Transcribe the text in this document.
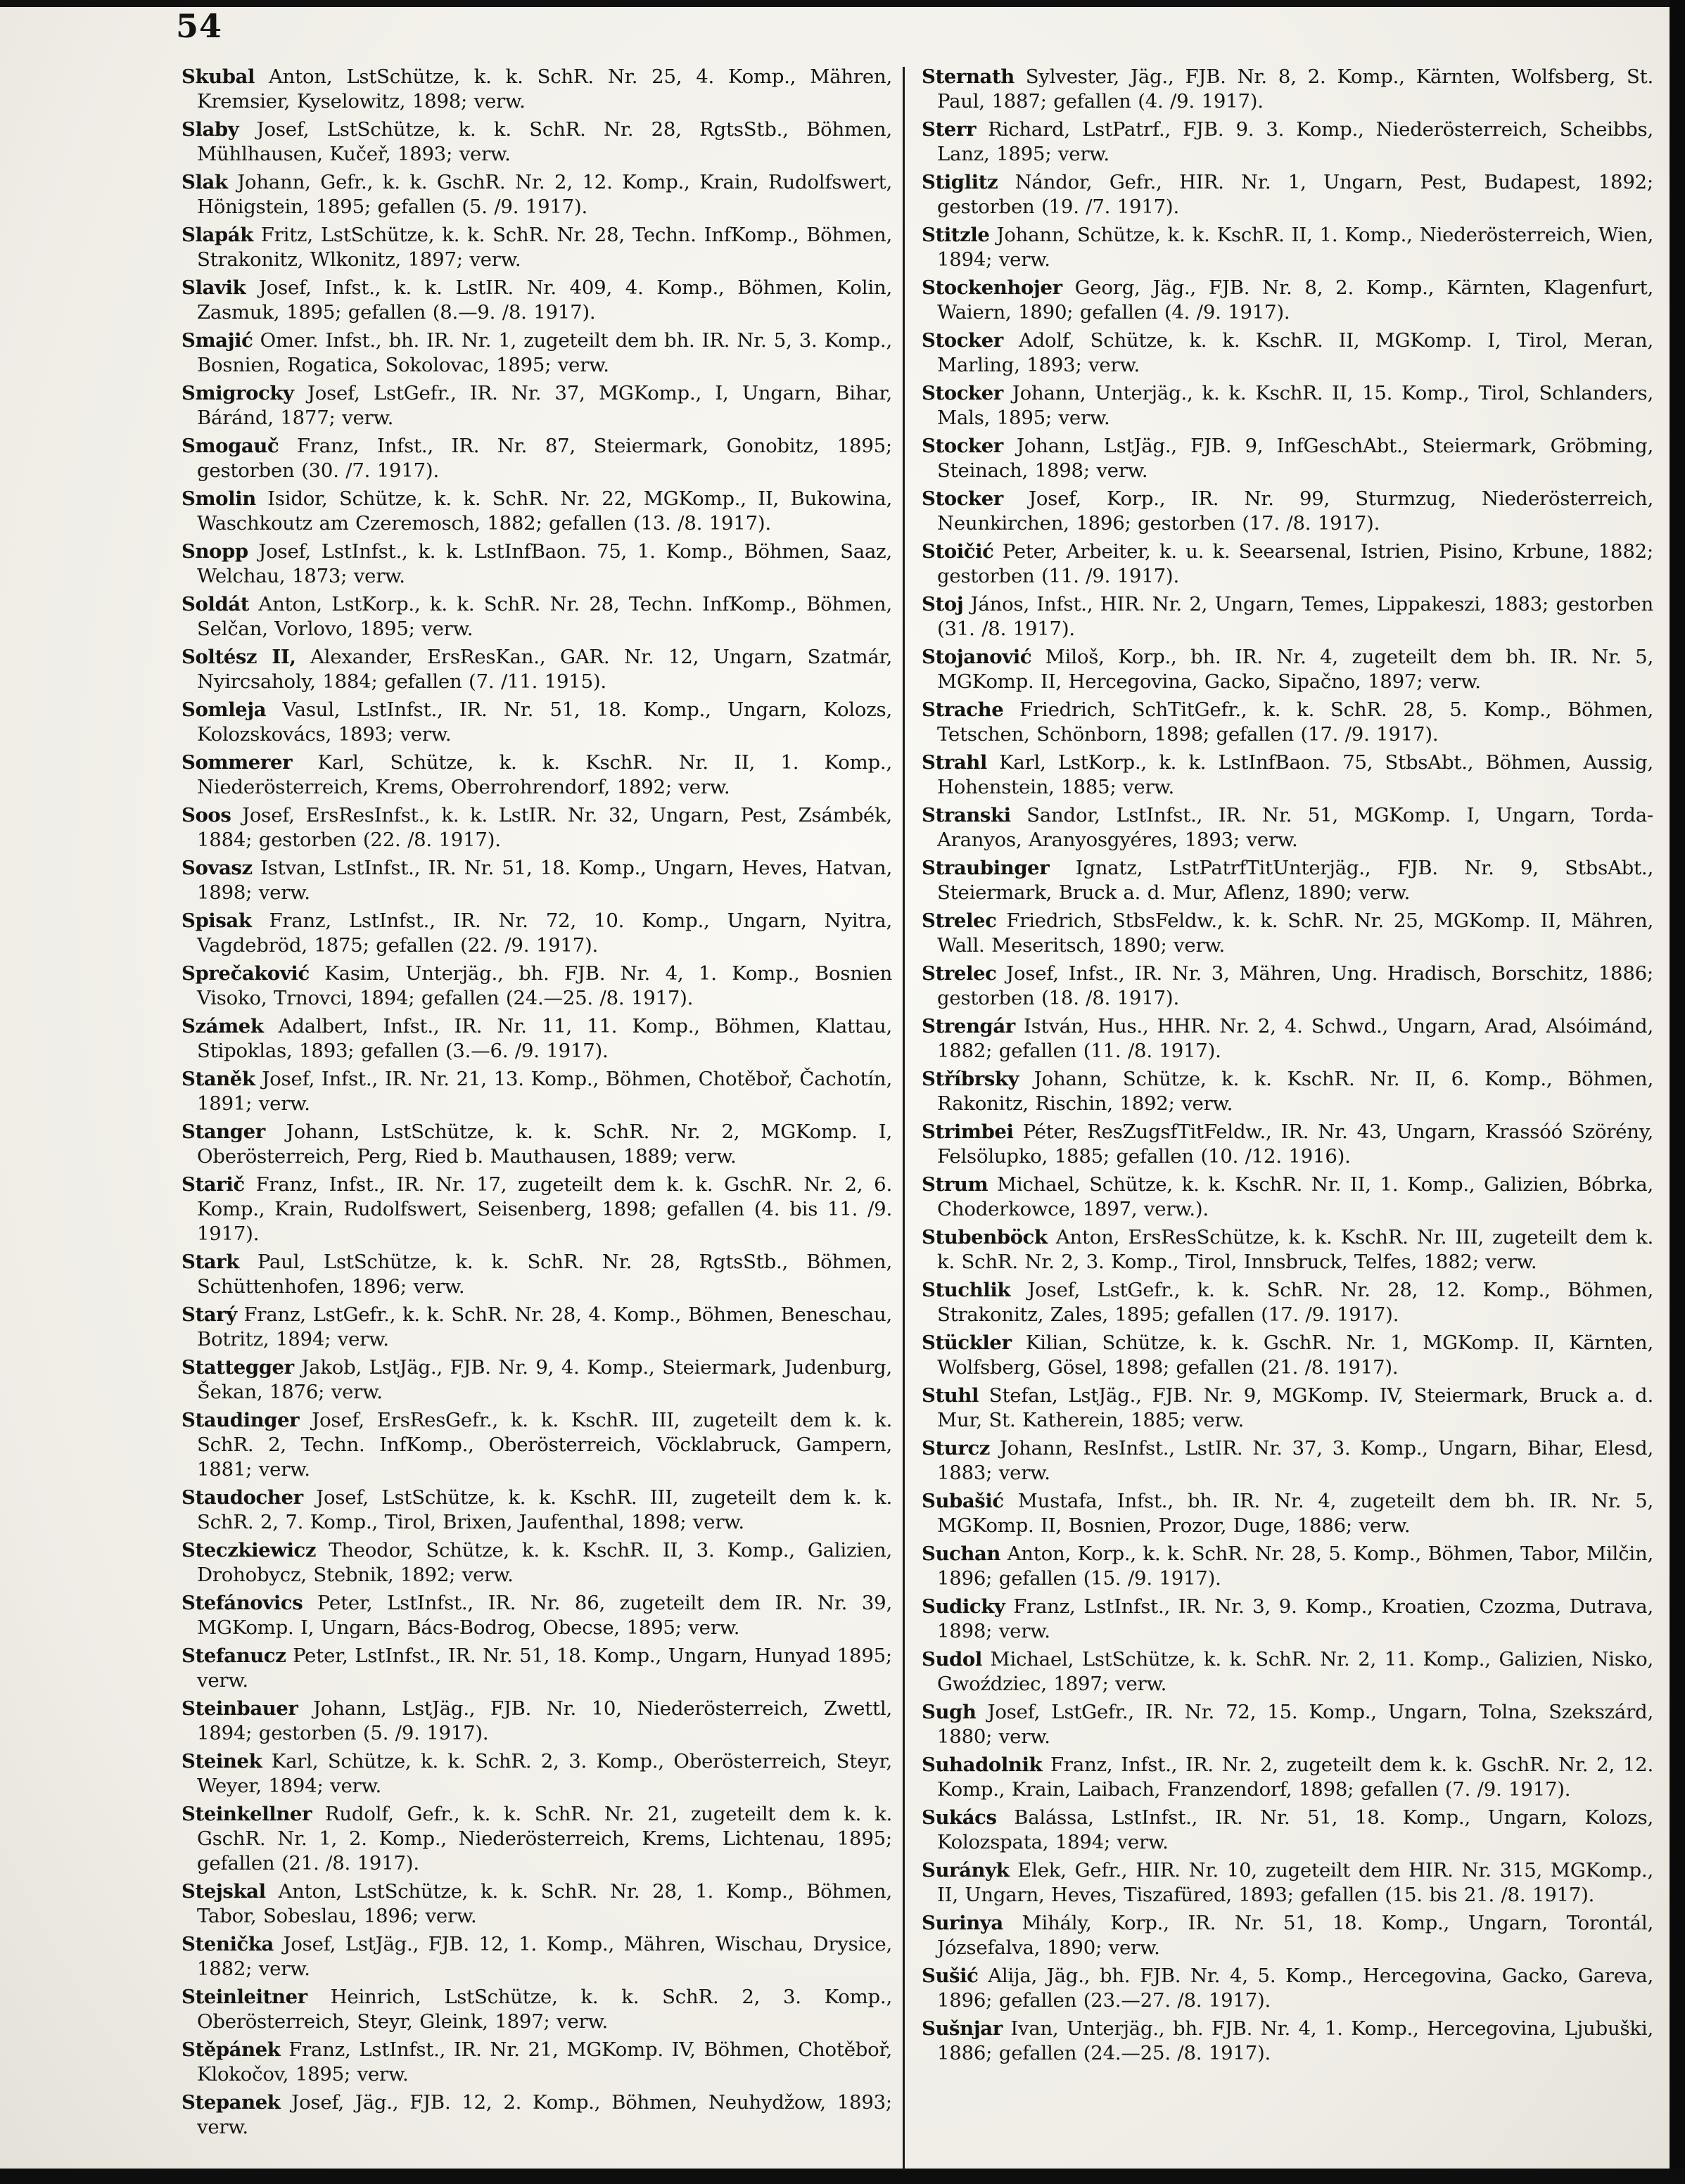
54
Skubal Anton, LstSchütze, k. k. SchR. Nr. 25, 4. Komp., Mähren, Kremsier, Kyselowitz, 1898; verw.
Slaby Josef, LstSchütze, k. k. SchR. Nr. 28, RgtsStb., Böhmen, Mühlhausen, Kučeř, 1893; verw.
Slak Johann, Gefr., k. k. GschR. Nr. 2, 12. Komp., Krain, Rudolfswert, Hönigstein, 1895; gefallen (5. /9. 1917).
Slapák Fritz, LstSchütze, k. k. SchR. Nr. 28, Techn. InfKomp., Böhmen, Strakonitz, Wlkonitz, 1897; verw.
Slavik Josef, Infst., k. k. LstIR. Nr. 409, 4. Komp., Böhmen, Kolin, Zasmuk, 1895; gefallen (8.—9. /8. 1917).
Smajić Omer. Infst., bh. IR. Nr. 1, zugeteilt dem bh. IR. Nr. 5, 3. Komp., Bosnien, Rogatica, Sokolovac, 1895; verw.
Smigrocky Josef, LstGefr., IR. Nr. 37, MGKomp., I, Ungarn, Bihar, Báránd, 1877; verw.
Smogauč Franz, Infst., IR. Nr. 87, Steiermark, Gonobitz, 1895; gestorben (30. /7. 1917).
Smolin Isidor, Schütze, k. k. SchR. Nr. 22, MGKomp., II, Bukowina, Waschkoutz am Czeremosch, 1882; gefallen (13. /8. 1917).
Snopp Josef, LstInfst., k. k. LstInfBaon. 75, 1. Komp., Böhmen, Saaz, Welchau, 1873; verw.
Soldát Anton, LstKorp., k. k. SchR. Nr. 28, Techn. InfKomp., Böhmen, Selčan, Vorlovo, 1895; verw.
Soltész II, Alexander, ErsResKan., GAR. Nr. 12, Ungarn, Szatmár, Nyircsaholy, 1884; gefallen (7. /11. 1915).
Somleja Vasul, LstInfst., IR. Nr. 51, 18. Komp., Ungarn, Kolozs, Kolozskovács, 1893; verw.
Sommerer Karl, Schütze, k. k. KschR. Nr. II, 1. Komp., Niederösterreich, Krems, Oberrohrendorf, 1892; verw.
Soos Josef, ErsResInfst., k. k. LstIR. Nr. 32, Ungarn, Pest, Zsámbék, 1884; gestorben (22. /8. 1917).
Sovasz Istvan, LstInfst., IR. Nr. 51, 18. Komp., Ungarn, Heves, Hatvan, 1898; verw.
Spisak Franz, LstInfst., IR. Nr. 72, 10. Komp., Ungarn, Nyitra, Vagdebröd, 1875; gefallen (22. /9. 1917).
Sprečaković Kasim, Unterjäg., bh. FJB. Nr. 4, 1. Komp., Bosnien Visoko, Trnovci, 1894; gefallen (24.—25. /8. 1917).
Számek Adalbert, Infst., IR. Nr. 11, 11. Komp., Böhmen, Klattau, Stipoklas, 1893; gefallen (3.—6. /9. 1917).
Staněk Josef, Infst., IR. Nr. 21, 13. Komp., Böhmen, Chotěboř, Čachotín, 1891; verw.
Stanger Johann, LstSchütze, k. k. SchR. Nr. 2, MGKomp. I, Oberösterreich, Perg, Ried b. Mauthausen, 1889; verw.
Starič Franz, Infst., IR. Nr. 17, zugeteilt dem k. k. GschR. Nr. 2, 6. Komp., Krain, Rudolfswert, Seisenberg, 1898; gefallen (4. bis 11. /9. 1917).
Stark Paul, LstSchütze, k. k. SchR. Nr. 28, RgtsStb., Böhmen, Schüttenhofen, 1896; verw.
Starý Franz, LstGefr., k. k. SchR. Nr. 28, 4. Komp., Böhmen, Beneschau, Botritz, 1894; verw.
Stattegger Jakob, LstJäg., FJB. Nr. 9, 4. Komp., Steiermark, Judenburg, Šekan, 1876; verw.
Staudinger Josef, ErsResGefr., k. k. KschR. III, zugeteilt dem k. k. SchR. 2, Techn. InfKomp., Oberösterreich, Vöcklabruck, Gampern, 1881; verw.
Staudocher Josef, LstSchütze, k. k. KschR. III, zugeteilt dem k. k. SchR. 2, 7. Komp., Tirol, Brixen, Jaufenthal, 1898; verw.
Steczkiewicz Theodor, Schütze, k. k. KschR. II, 3. Komp., Galizien, Drohobycz, Stebnik, 1892; verw.
Stefánovics Peter, LstInfst., IR. Nr. 86, zugeteilt dem IR. Nr. 39, MGKomp. I, Ungarn, Bács-Bodrog, Obecse, 1895; verw.
Stefanucz Peter, LstInfst., IR. Nr. 51, 18. Komp., Ungarn, Hunyad 1895; verw.
Steinbauer Johann, LstJäg., FJB. Nr. 10, Niederösterreich, Zwettl, 1894; gestorben (5. /9. 1917).
Steinek Karl, Schütze, k. k. SchR. 2, 3. Komp., Oberösterreich, Steyr, Weyer, 1894; verw.
Steinkellner Rudolf, Gefr., k. k. SchR. Nr. 21, zugeteilt dem k. k. GschR. Nr. 1, 2. Komp., Niederösterreich, Krems, Lichtenau, 1895; gefallen (21. /8. 1917).
Stejskal Anton, LstSchütze, k. k. SchR. Nr. 28, 1. Komp., Böhmen, Tabor, Sobeslau, 1896; verw.
Stenička Josef, LstJäg., FJB. 12, 1. Komp., Mähren, Wischau, Drysice, 1882; verw.
Steinleitner Heinrich, LstSchütze, k. k. SchR. 2, 3. Komp., Oberösterreich, Steyr, Gleink, 1897; verw.
Stěpánek Franz, LstInfst., IR. Nr. 21, MGKomp. IV, Böhmen, Chotěboř, Klokočov, 1895; verw.
Stepanek Josef, Jäg., FJB. 12, 2. Komp., Böhmen, Neuhydžow, 1893; verw.
Sternath Sylvester, Jäg., FJB. Nr. 8, 2. Komp., Kärnten, Wolfsberg, St. Paul, 1887; gefallen (4. /9. 1917).
Sterr Richard, LstPatrf., FJB. 9. 3. Komp., Niederösterreich, Scheibbs, Lanz, 1895; verw.
Stiglitz Nándor, Gefr., HIR. Nr. 1, Ungarn, Pest, Budapest, 1892; gestorben (19. /7. 1917).
Stitzle Johann, Schütze, k. k. KschR. II, 1. Komp., Niederösterreich, Wien, 1894; verw.
Stockenhojer Georg, Jäg., FJB. Nr. 8, 2. Komp., Kärnten, Klagenfurt, Waiern, 1890; gefallen (4. /9. 1917).
Stocker Adolf, Schütze, k. k. KschR. II, MGKomp. I, Tirol, Meran, Marling, 1893; verw.
Stocker Johann, Unterjäg., k. k. KschR. II, 15. Komp., Tirol, Schlanders, Mals, 1895; verw.
Stocker Johann, LstJäg., FJB. 9, InfGeschAbt., Steiermark, Gröbming, Steinach, 1898; verw.
Stocker Josef, Korp., IR. Nr. 99, Sturmzug, Niederösterreich, Neunkirchen, 1896; gestorben (17. /8. 1917).
Stoičić Peter, Arbeiter, k. u. k. Seearsenal, Istrien, Pisino, Krbune, 1882; gestorben (11. /9. 1917).
Stoj János, Infst., HIR. Nr. 2, Ungarn, Temes, Lippakeszi, 1883; gestorben (31. /8. 1917).
Stojanović Miloš, Korp., bh. IR. Nr. 4, zugeteilt dem bh. IR. Nr. 5, MGKomp. II, Hercegovina, Gacko, Sipačno, 1897; verw.
Strache Friedrich, SchTitGefr., k. k. SchR. 28, 5. Komp., Böhmen, Tetschen, Schönborn, 1898; gefallen (17. /9. 1917).
Strahl Karl, LstKorp., k. k. LstInfBaon. 75, StbsAbt., Böhmen, Aussig, Hohenstein, 1885; verw.
Stranski Sandor, LstInfst., IR. Nr. 51, MGKomp. I, Ungarn, Torda-Aranyos, Aranyosgyéres, 1893; verw.
Straubinger Ignatz, LstPatrfTitUnterjäg., FJB. Nr. 9, StbsAbt., Steiermark, Bruck a. d. Mur, Aflenz, 1890; verw.
Strelec Friedrich, StbsFeldw., k. k. SchR. Nr. 25, MGKomp. II, Mähren, Wall. Meseritsch, 1890; verw.
Strelec Josef, Infst., IR. Nr. 3, Mähren, Ung. Hradisch, Borschitz, 1886; gestorben (18. /8. 1917).
Strengár István, Hus., HHR. Nr. 2, 4. Schwd., Ungarn, Arad, Alsóimánd, 1882; gefallen (11. /8. 1917).
Stříbrsky Johann, Schütze, k. k. KschR. Nr. II, 6. Komp., Böhmen, Rakonitz, Rischin, 1892; verw.
Strimbei Péter, ResZugsfTitFeldw., IR. Nr. 43, Ungarn, Krassóó Szörény, Felsölupko, 1885; gefallen (10. /12. 1916).
Strum Michael, Schütze, k. k. KschR. Nr. II, 1. Komp., Galizien, Bóbrka, Choderkowce, 1897, verw.).
Stubenböck Anton, ErsResSchütze, k. k. KschR. Nr. III, zugeteilt dem k. k. SchR. Nr. 2, 3. Komp., Tirol, Innsbruck, Telfes, 1882; verw.
Stuchlik Josef, LstGefr., k. k. SchR. Nr. 28, 12. Komp., Böhmen, Strakonitz, Zales, 1895; gefallen (17. /9. 1917).
Stückler Kilian, Schütze, k. k. GschR. Nr. 1, MGKomp. II, Kärnten, Wolfsberg, Gösel, 1898; gefallen (21. /8. 1917).
Stuhl Stefan, LstJäg., FJB. Nr. 9, MGKomp. IV, Steiermark, Bruck a. d. Mur, St. Katherein, 1885; verw.
Sturcz Johann, ResInfst., LstIR. Nr. 37, 3. Komp., Ungarn, Bihar, Elesd, 1883; verw.
Subašić Mustafa, Infst., bh. IR. Nr. 4, zugeteilt dem bh. IR. Nr. 5, MGKomp. II, Bosnien, Prozor, Duge, 1886; verw.
Suchan Anton, Korp., k. k. SchR. Nr. 28, 5. Komp., Böhmen, Tabor, Milčin, 1896; gefallen (15. /9. 1917).
Sudicky Franz, LstInfst., IR. Nr. 3, 9. Komp., Kroatien, Czozma, Dutrava, 1898; verw.
Sudol Michael, LstSchütze, k. k. SchR. Nr. 2, 11. Komp., Galizien, Nisko, Gwoździec, 1897; verw.
Sugh Josef, LstGefr., IR. Nr. 72, 15. Komp., Ungarn, Tolna, Szekszárd, 1880; verw.
Suhadolnik Franz, Infst., IR. Nr. 2, zugeteilt dem k. k. GschR. Nr. 2, 12. Komp., Krain, Laibach, Franzendorf, 1898; gefallen (7. /9. 1917).
Sukács Balássa, LstInfst., IR. Nr. 51, 18. Komp., Ungarn, Kolozs, Kolozspata, 1894; verw.
Surányk Elek, Gefr., HIR. Nr. 10, zugeteilt dem HIR. Nr. 315, MGKomp., II, Ungarn, Heves, Tiszafüred, 1893; gefallen (15. bis 21. /8. 1917).
Surinya Mihály, Korp., IR. Nr. 51, 18. Komp., Ungarn, Torontál, Józsefalva, 1890; verw.
Sušić Alija, Jäg., bh. FJB. Nr. 4, 5. Komp., Hercegovina, Gacko, Gareva, 1896; gefallen (23.—27. /8. 1917).
Sušnjar Ivan, Unterjäg., bh. FJB. Nr. 4, 1. Komp., Hercegovina, Ljubuški, 1886; gefallen (24.—25. /8. 1917).
